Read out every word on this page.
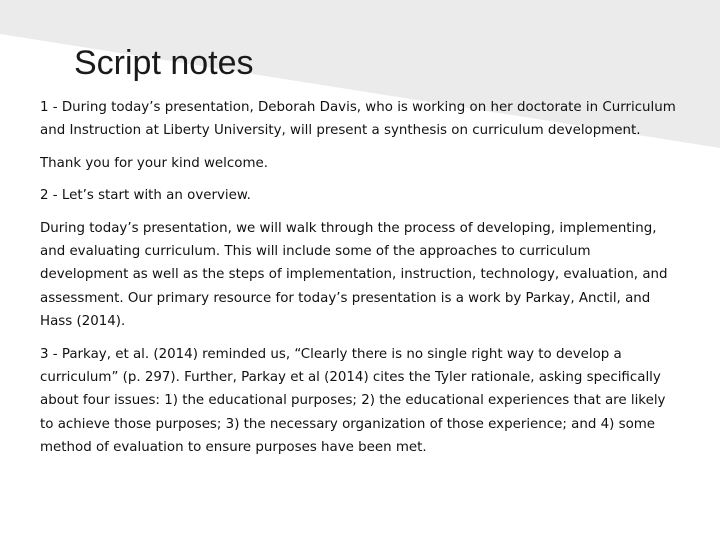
Script notes

1 - During today’s presentation, Deborah Davis, who is working on her doctorate in Curriculum and Instruction at Liberty University, will present a synthesis on curriculum development.

Thank you for your kind welcome.

2 - Let’s start with an overview.

During today’s presentation, we will walk through the process of developing, implementing, and evaluating curriculum. This will include some of the approaches to curriculum development as well as the steps of implementation, instruction, technology, evaluation, and assessment. Our primary resource for today’s presentation is a work by Parkay, Anctil, and Hass (2014).

3 - Parkay, et al. (2014) reminded us, “Clearly there is no single right way to develop a curriculum” (p. 297). Further, Parkay et al (2014) cites the Tyler rationale, asking specifically about four issues: 1) the educational purposes; 2) the educational experiences that are likely to achieve those purposes; 3) the necessary organization of those experience; and 4) some method of evaluation to ensure purposes have been met.
